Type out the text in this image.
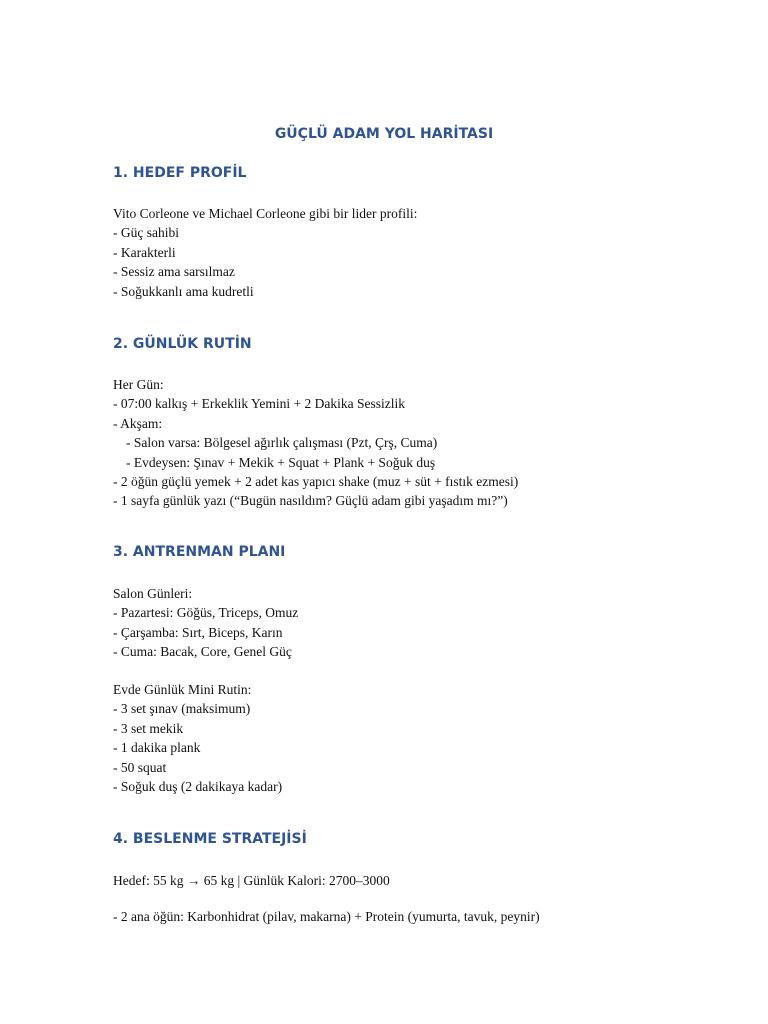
GÜÇLÜ ADAM YOL HARİTASI
1. HEDEF PROFİL
Vito Corleone ve Michael Corleone gibi bir lider profili:
- Güç sahibi
- Karakterli
- Sessiz ama sarsılmaz
- Soğukkanlı ama kudretli
2. GÜNLÜK RUTİN
Her Gün:
- 07:00 kalkış + Erkeklik Yemini + 2 Dakika Sessizlik
- Akşam:
- Salon varsa: Bölgesel ağırlık çalışması (Pzt, Çrş, Cuma)
- Evdeysen: Şınav + Mekik + Squat + Plank + Soğuk duş
- 2 öğün güçlü yemek + 2 adet kas yapıcı shake (muz + süt + fıstık ezmesi)
- 1 sayfa günlük yazı (“Bugün nasıldım? Güçlü adam gibi yaşadım mı?”)
3. ANTRENMAN PLANI
Salon Günleri:
- Pazartesi: Göğüs, Triceps, Omuz
- Çarşamba: Sırt, Biceps, Karın
- Cuma: Bacak, Core, Genel Güç
Evde Günlük Mini Rutin:
- 3 set şınav (maksimum)
- 3 set mekik
- 1 dakika plank
- 50 squat
- Soğuk duş (2 dakikaya kadar)
4. BESLENME STRATEJİSİ
Hedef: 55 kg → 65 kg | Günlük Kalori: 2700–3000
- 2 ana öğün: Karbonhidrat (pilav, makarna) + Protein (yumurta, tavuk, peynir)
